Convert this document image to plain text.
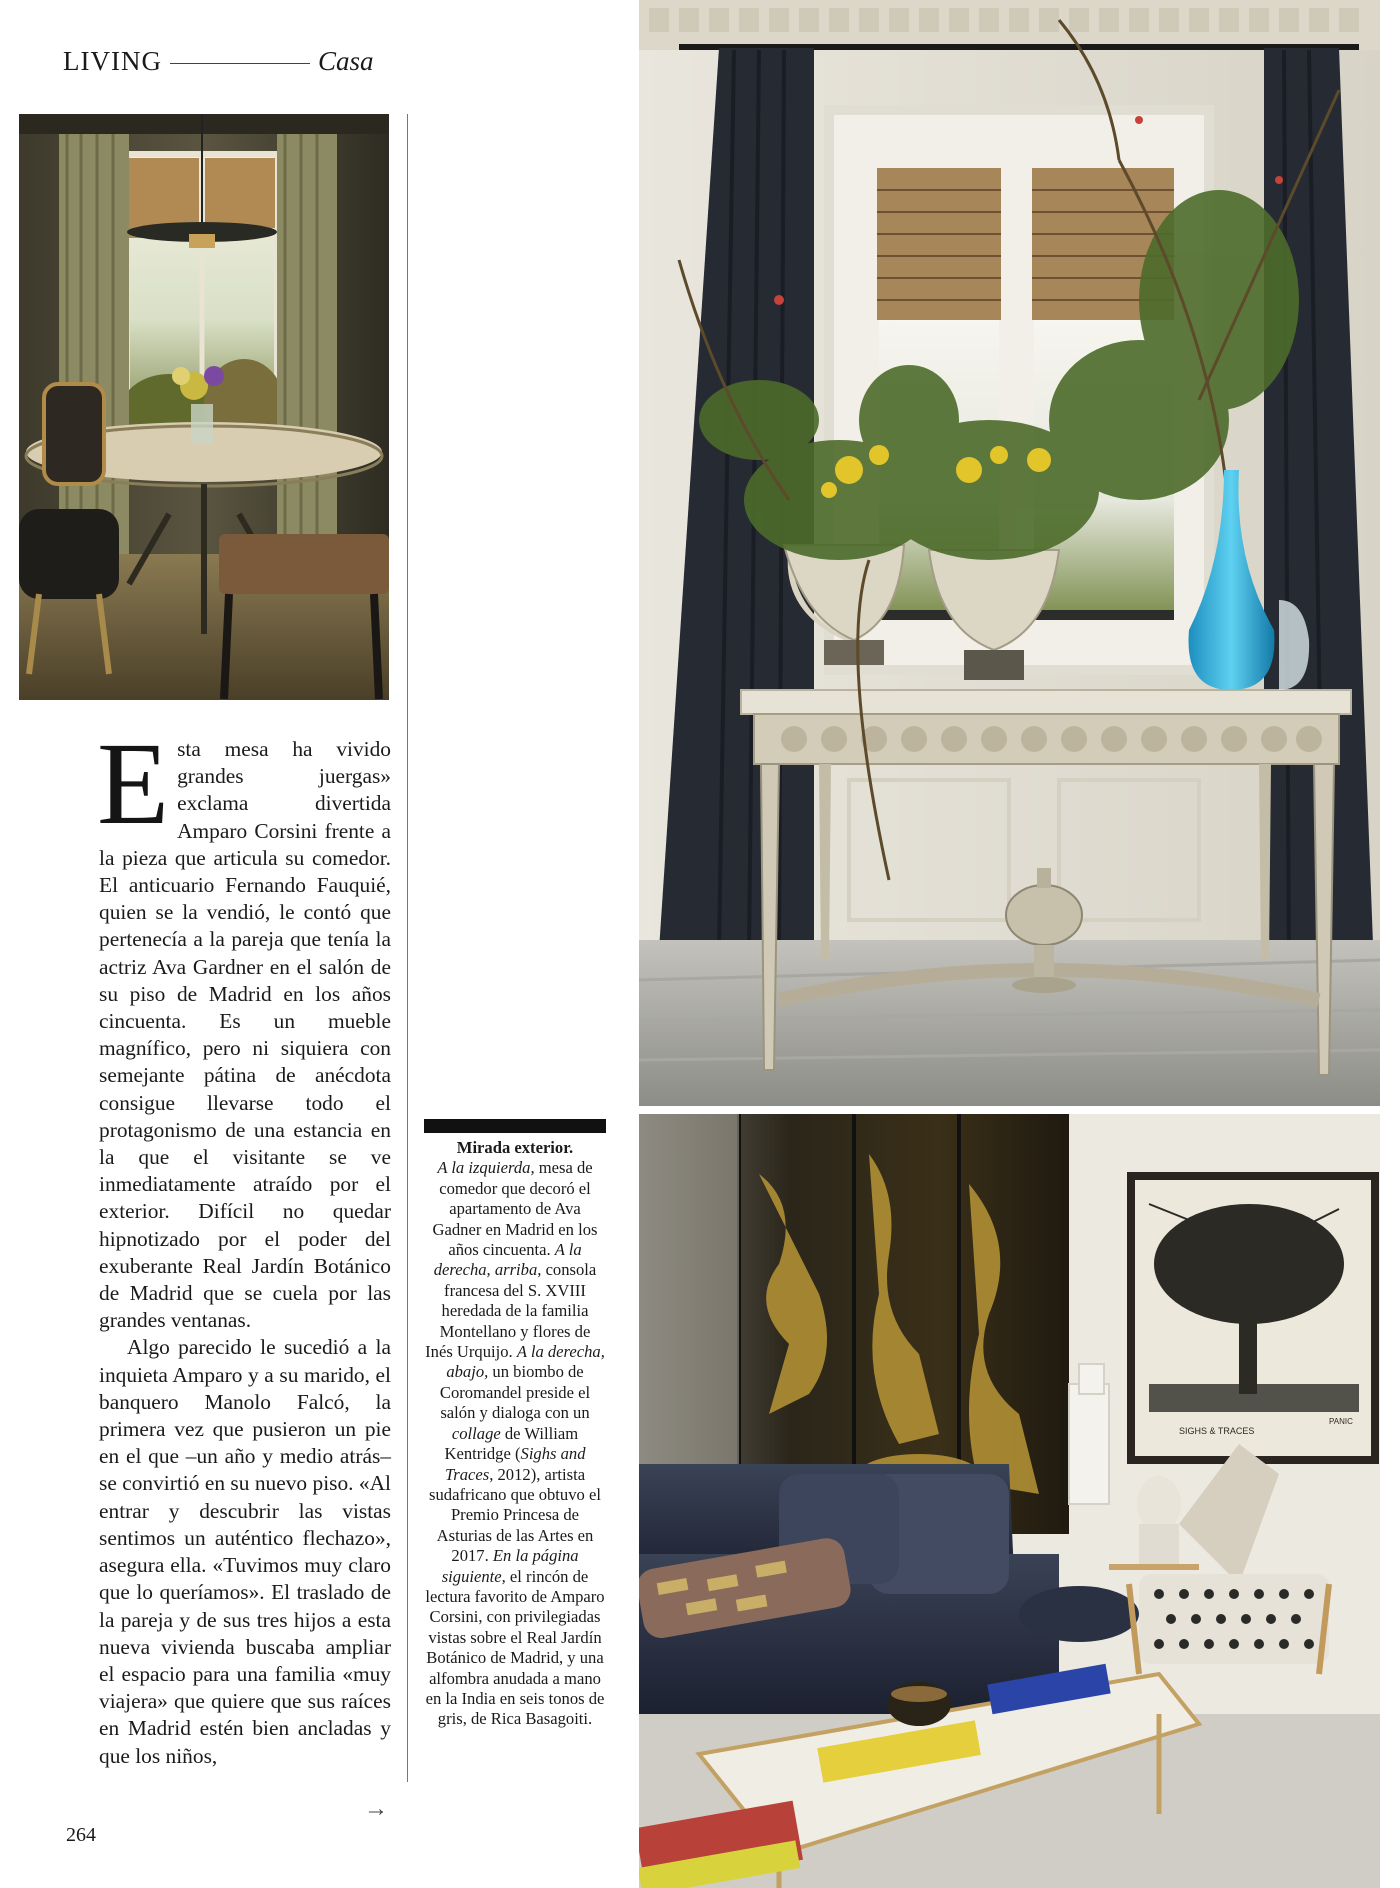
LIVING	Casa
SIGHS & TRACES
PANIC

Esta mesa ha vivido grandes juergas» exclama divertida Amparo Corsini frente a la pieza que articula su comedor. El anticuario Fernando Fauquié, quien se la vendió, le contó que pertenecía a la pareja que tenía la actriz Ava Gardner en el salón de su piso de Madrid en los años cincuenta. Es un mueble magnífico, pero ni siquiera con semejante pátina de anécdota consigue llevarse todo el protagonismo de una estancia en la que el visitante se ve inmediatamente atraído por el exterior. Difícil no quedar hipnotizado por el poder del exuberante Real Jardín Botánico de Madrid que se cuela por las grandes ventanas.

Algo parecido le sucedió a la inquieta Amparo y a su marido, el banquero Manolo Falcó, la primera vez que pusieron un pie en el que –un año y medio atrás– se convirtió en su nuevo piso. «Al entrar y descubrir las vistas sentimos un auténtico flechazo», asegura ella. «Tuvimos muy claro que lo queríamos». El traslado de la pareja y de sus tres hijos a esta nueva vivienda buscaba ampliar el espacio para una familia «muy viajera» que quiere que sus raíces en Madrid estén bien ancladas y que los niños,

→
264
Mirada exterior.
A la izquierda, mesa de comedor que decoró el apartamento de Ava Gadner en Madrid en los años cincuenta. A la derecha, arriba, consola francesa del S. XVIII heredada de la familia Montellano y flores de Inés Urquijo. A la derecha, abajo, un biombo de Coromandel preside el salón y dialoga con un collage de William Kentridge (Sighs and Traces, 2012), artista sudafricano que obtuvo el Premio Princesa de Asturias de las Artes en 2017. En la página siguiente, el rincón de lectura favorito de Amparo Corsini, con privilegiadas vistas sobre el Real Jardín Botánico de Madrid, y una alfombra anudada a mano en la India en seis tonos de gris, de Rica Basagoiti.
